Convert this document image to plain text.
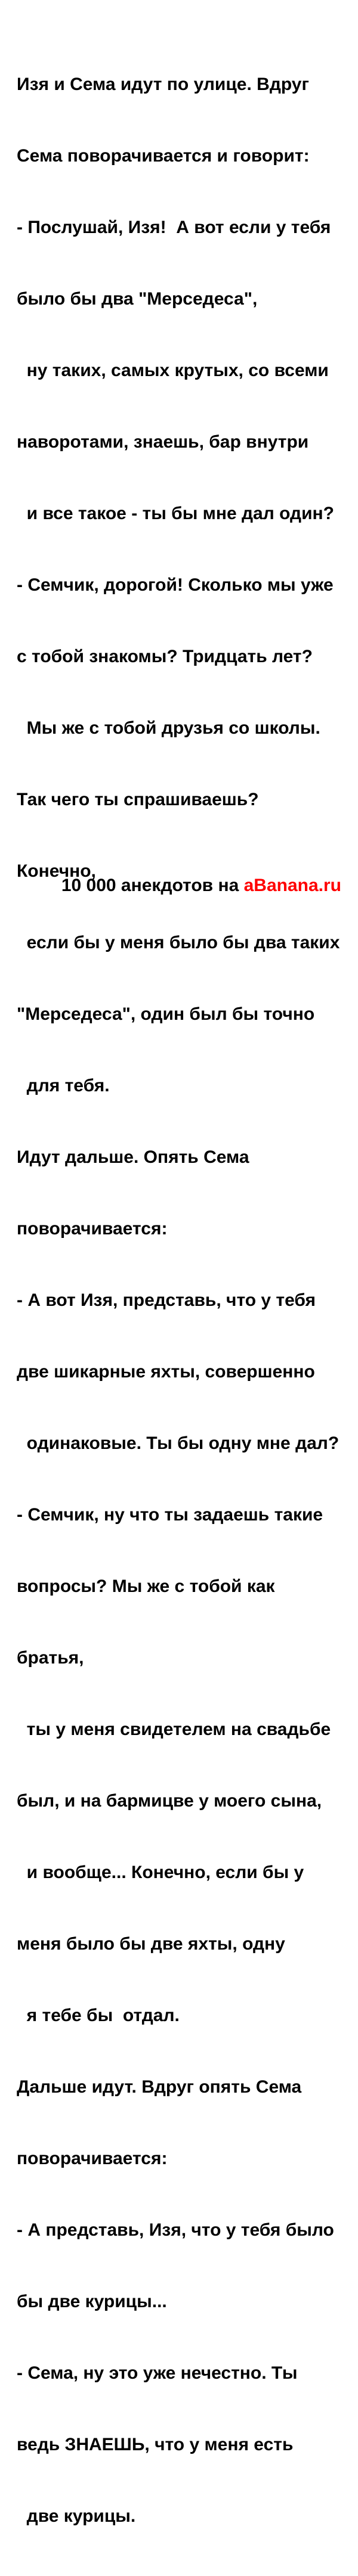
Изя и Сема идут по улице. Вдруг

Сема поворачивается и говорит:

- Послушай, Изя!  А вот если у тебя

было бы два "Мерседеса",

ну таких, самых крутых, со всеми

наворотами, знаешь, бар внутри

и все такое - ты бы мне дал один?

- Семчик, дорогой! Сколько мы уже

с тобой знакомы? Тридцать лет?

Мы же с тобой друзья со школы.

Так чего ты спрашиваешь?

Конечно,

если бы у меня было бы два таких

"Мерседеса", один был бы точно

для тебя.

Идут дальше. Опять Сема

поворачивается:

- А вот Изя, представь, что у тебя

две шикарные яхты, совершенно

одинаковые. Ты бы одну мне дал?

- Семчик, ну что ты задаешь такие

вопросы? Мы же с тобой как

братья,

ты у меня свидетелем на свадьбе

был, и на бармицве у моего сына,

и вообще... Конечно, если бы у

меня было бы две яхты, одну

я тебе бы  отдал.

Дальше идут. Вдруг опять Сема

поворачивается:

- А представь, Изя, что у тебя было

бы две курицы...

- Сема, ну это уже нечестно. Ты

ведь ЗНАЕШЬ, что у меня есть

две курицы.

10 000 анекдотов на aBanana.ru
